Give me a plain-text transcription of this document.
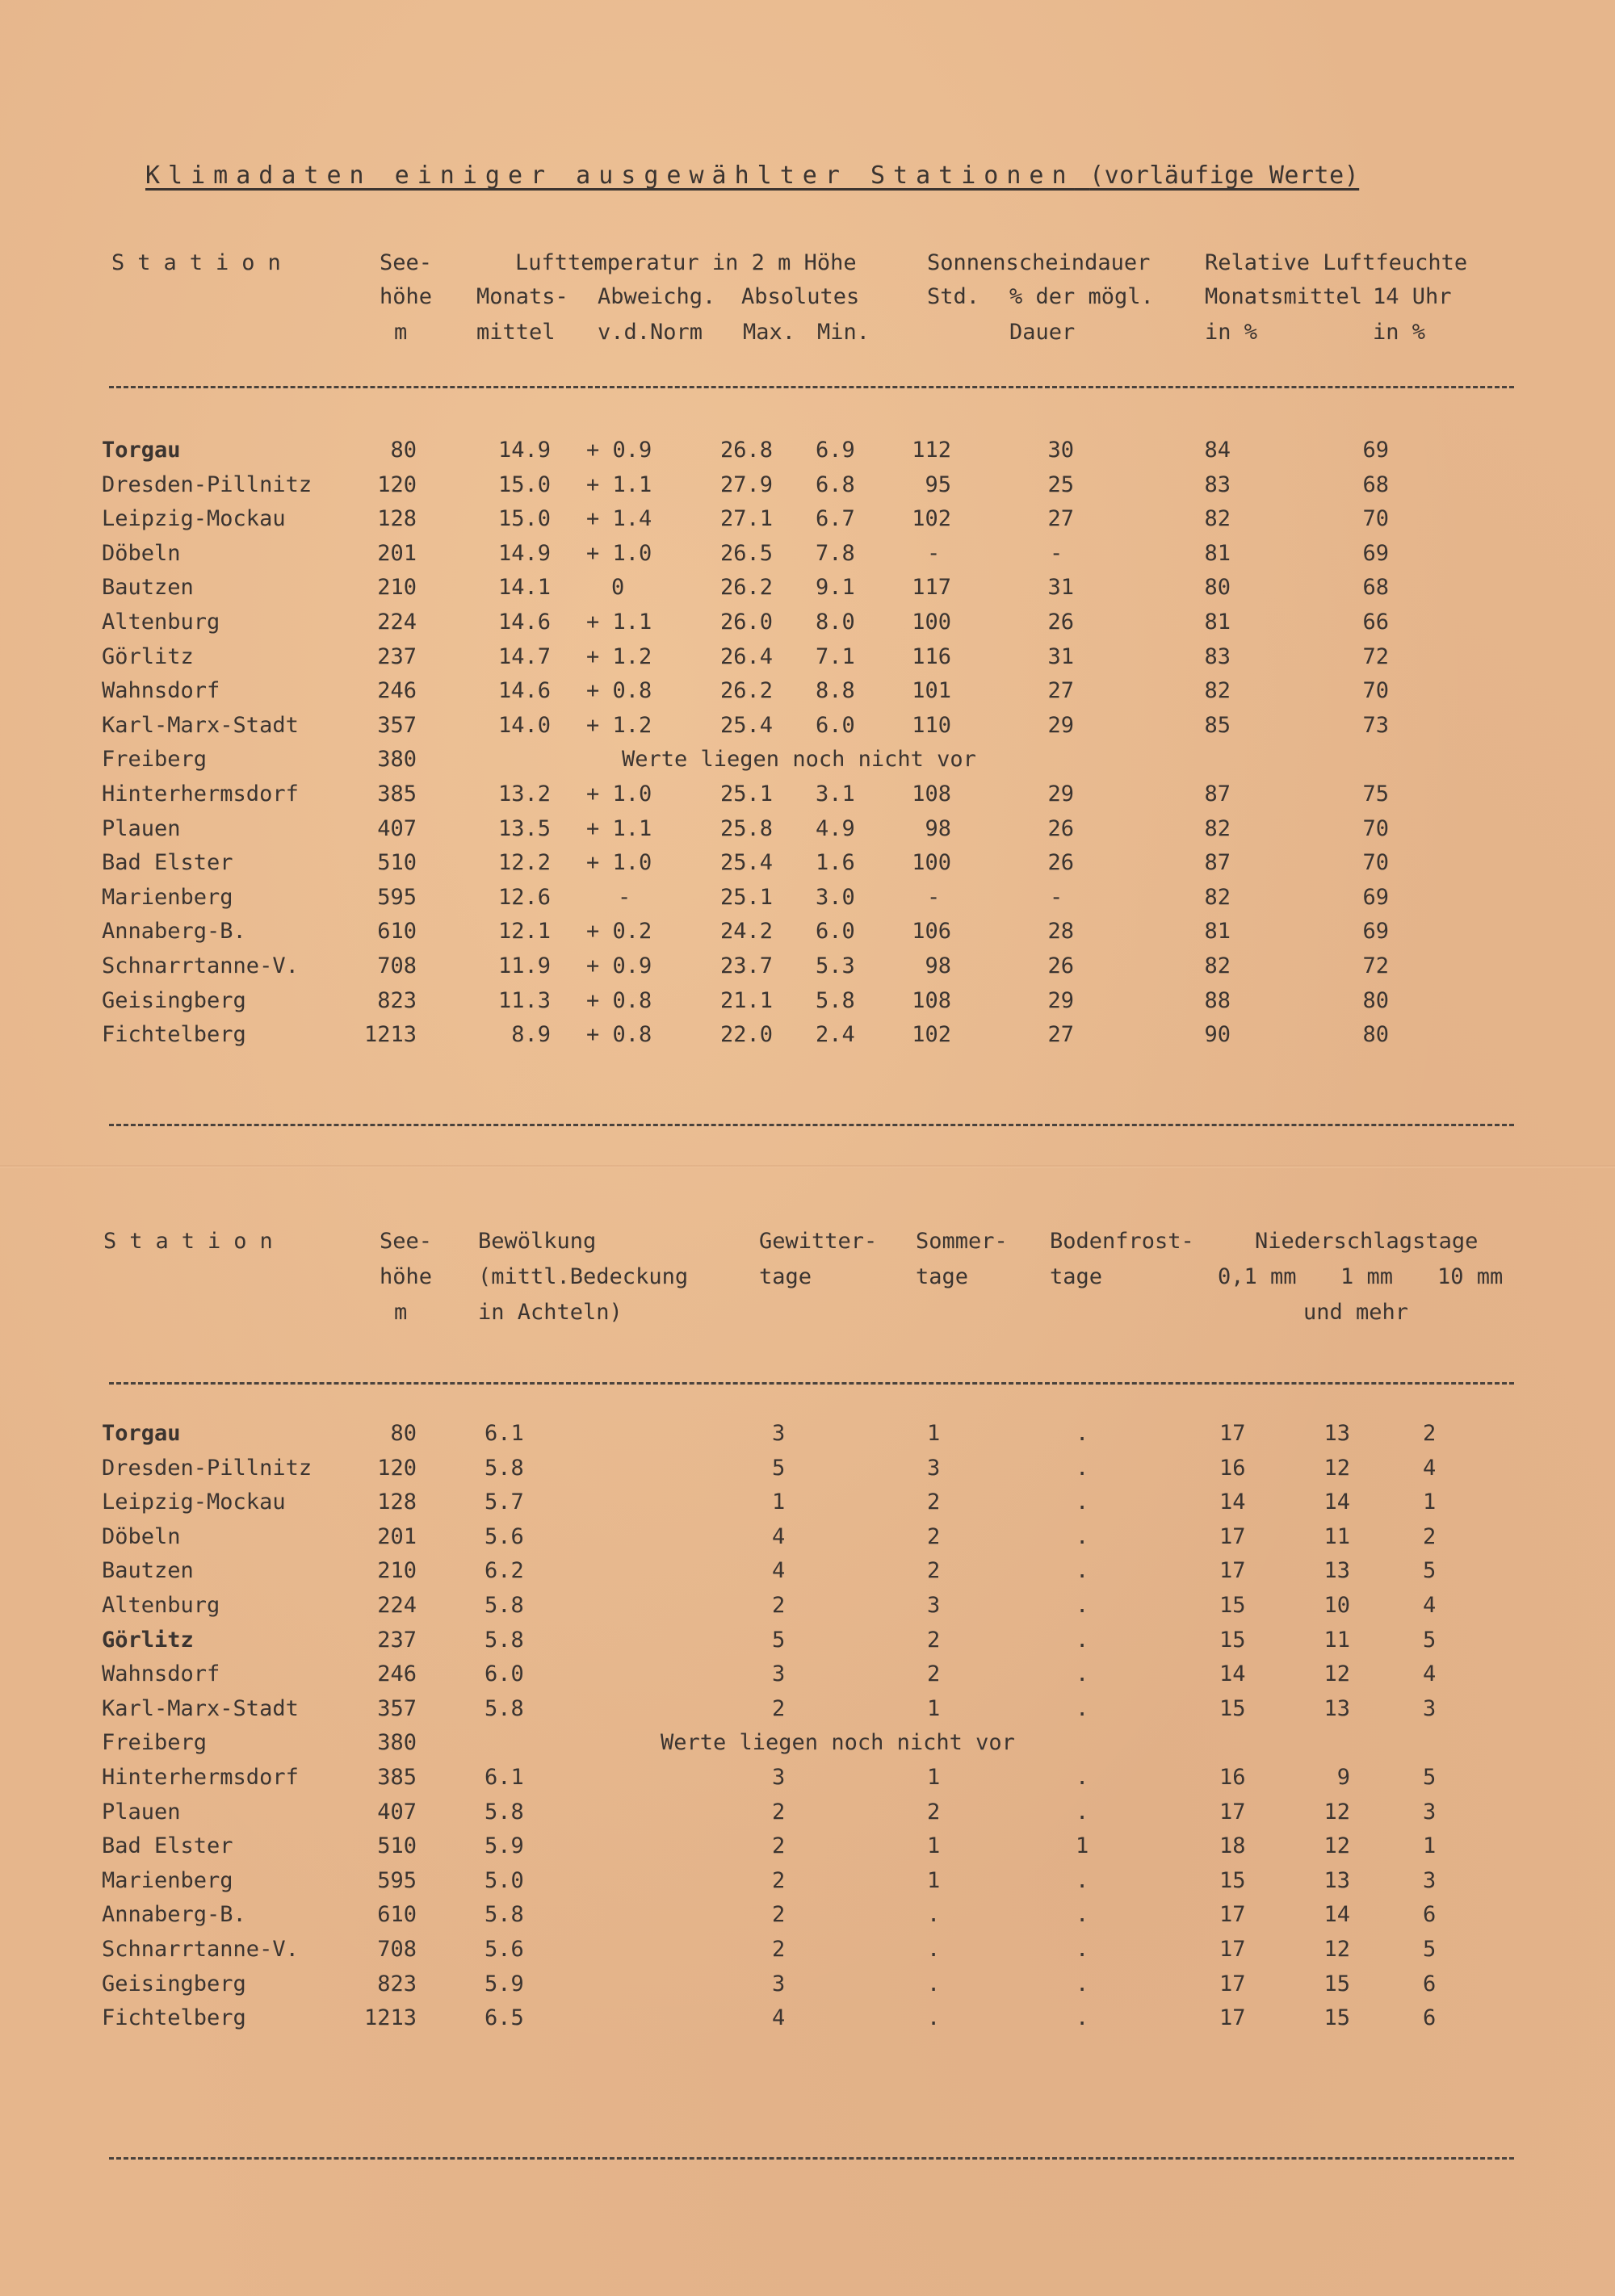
Klimadaten einiger ausgewählter Stationen (vorläufige Werte)
Station	See-
höhe
m
Lufttemperatur in 2 m Höhe
Monats-
mittel
Abweichg.
v.d.Norm
Absolutes
Max. Min.
Sonnenscheindauer
Std. % der mögl.
Dauer
Relative Luftfeuchte
Monatsmittel
in %
14 Uhr
in %
Torgau	80	14.9 + 0.9	26.8 6.9	112	30	84	69
Dresden-Pillnitz	120	15.0 + 1.1	27.9 6.8	95	25	83	68
Leipzig-Mockau	128	15.0 + 1.4	27.1 6.7	102	27	82	70
Döbeln	201	14.9 + 1.0	26.5 7.8	-	-	81	69
Bautzen	210	14.1	0	26.2 9.1	117	31	80	68
Altenburg	224	14.6 + 1.1	26.0 8.0	100	26	81	66
Görlitz	237	14.7 + 1.2	26.4 7.1	116	31	83	72
Wahnsdorf	246	14.6 + 0.8	26.2 8.8	101	27	82	70
Karl-Marx-Stadt	357	14.0 + 1.2	25.4 6.0	110	29	85	73
Freiberg	380	Werte liegen noch nicht vor
Hinterhermsdorf	385	13.2 + 1.0	25.1 3.1	108	29	87	75
Plauen	407	13.5 + 1.1	25.8 4.9	98	26	82	70
Bad Elster	510	12.2 + 1.0	25.4 1.6	100	26	87	70
Marienberg	595	12.6	-	25.1 3.0	-	-	82	69
Annaberg-B.	610	12.1 + 0.2	24.2 6.0	106	28	81	69
Schnarrtanne-V.	708	11.9 + 0.9	23.7 5.3	98	26	82	72
Geisingberg	823	11.3 + 0.8	21.1 5.8	108	29	88	80
Fichtelberg	1213	8.9 + 0.8	22.0 2.4	102	27	90	80
Station	See-
höhe
m
Bewölkung
(mittl.Bedeckung
in Achteln)
Gewitter-
tage
Sommer-
tage
Bodenfrost-
tage
Niederschlagstage
0,1 mm 1 mm 10 mm
und mehr
Torgau	80	6.1	3	1	.	17	13	2
Dresden-Pillnitz	120	5.8	5	3	.	16	12	4
Leipzig-Mockau	128	5.7	1	2	.	14	14	1
Döbeln	201	5.6	4	2	.	17	11	2
Bautzen	210	6.2	4	2	.	17	13	5
Altenburg	224	5.8	2	3	.	15	10	4
Görlitz	237	5.8	5	2	.	15	11	5
Wahnsdorf	246	6.0	3	2	.	14	12	4
Karl-Marx-Stadt	357	5.8	2	1	.	15	13	3
Freiberg	380	Werte liegen noch nicht vor
Hinterhermsdorf	385	6.1	3	1	.	16	9	5
Plauen	407	5.8	2	2	.	17	12	3
Bad Elster	510	5.9	2	1	1	18	12	1
Marienberg	595	5.0	2	1	.	15	13	3
Annaberg-B.	610	5.8	2	.	.	17	14	6
Schnarrtanne-V.	708	5.6	2	.	.	17	12	5
Geisingberg	823	5.9	3	.	.	17	15	6
Fichtelberg	1213	6.5	4	.	.	17	15	6
